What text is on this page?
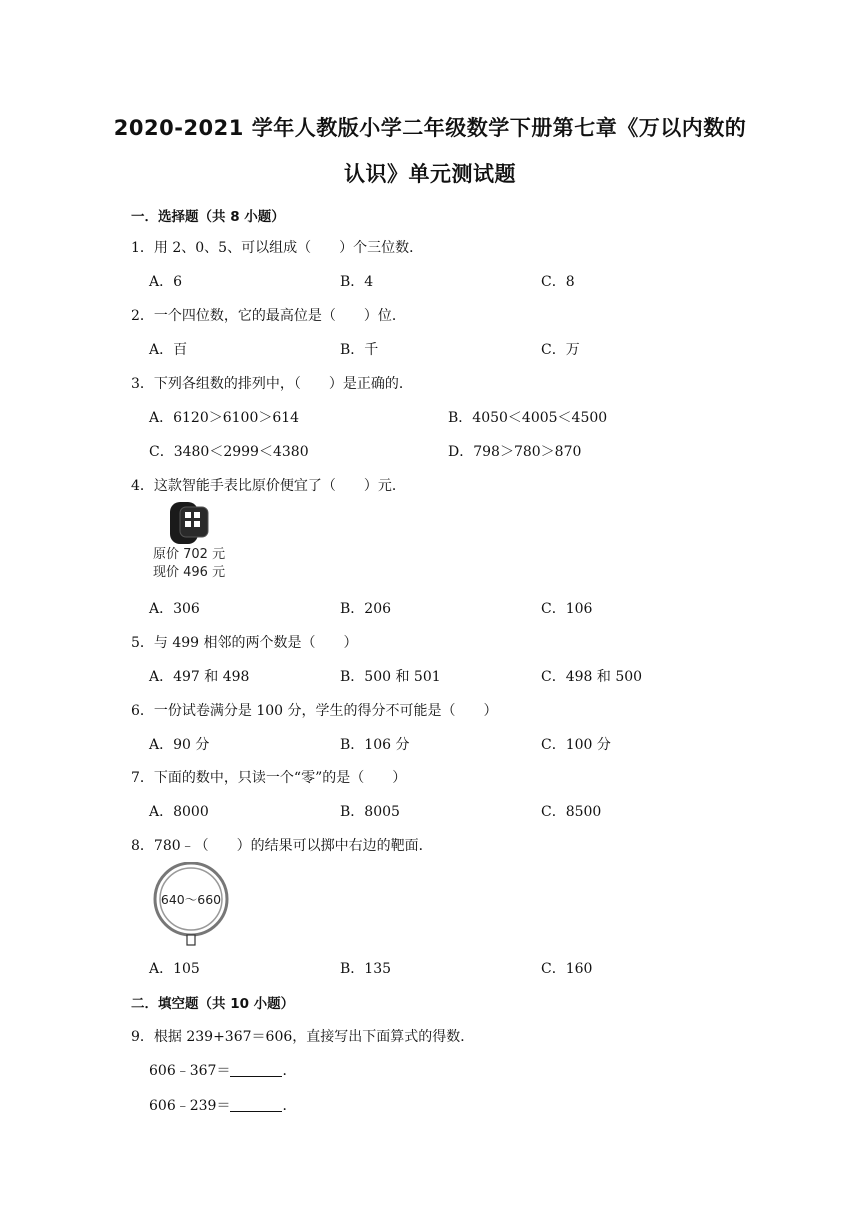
2020-2021 学年人教版小学二年级数学下册第七章《万以内数的
认识》单元测试题
一．选择题（共 8 小题）
1．用 2、0、5、可以组成（　　）个三位数．
A．6	B．4	C．8
2．一个四位数，它的最高位是（　　）位．
A．百	B．千	C．万
3．下列各组数的排列中，（　　）是正确的．
A．6120＞6100＞614	B．4050＜4005＜4500
C．3480＜2999＜4380	D．798＞780＞870
4．这款智能手表比原价便宜了（　　）元．
原价 702 元
现价 496 元
A．306	B．206	C．106
5．与 499 相邻的两个数是（　　）
A．497 和 498	B．500 和 501	C．498 和 500
6．一份试卷满分是 100 分，学生的得分不可能是（　　）
A．90 分	B．106 分	C．100 分
7．下面的数中，只读一个“零”的是（　　）
A．8000	B．8005	C．8500
8．780﹣（　　）的结果可以掷中右边的靶面．
640～660
A．105	B．135	C．160
二．填空题（共 10 小题）
9．根据 239+367＝606，直接写出下面算式的得数．
606﹣367＝	．
606﹣239＝	．
